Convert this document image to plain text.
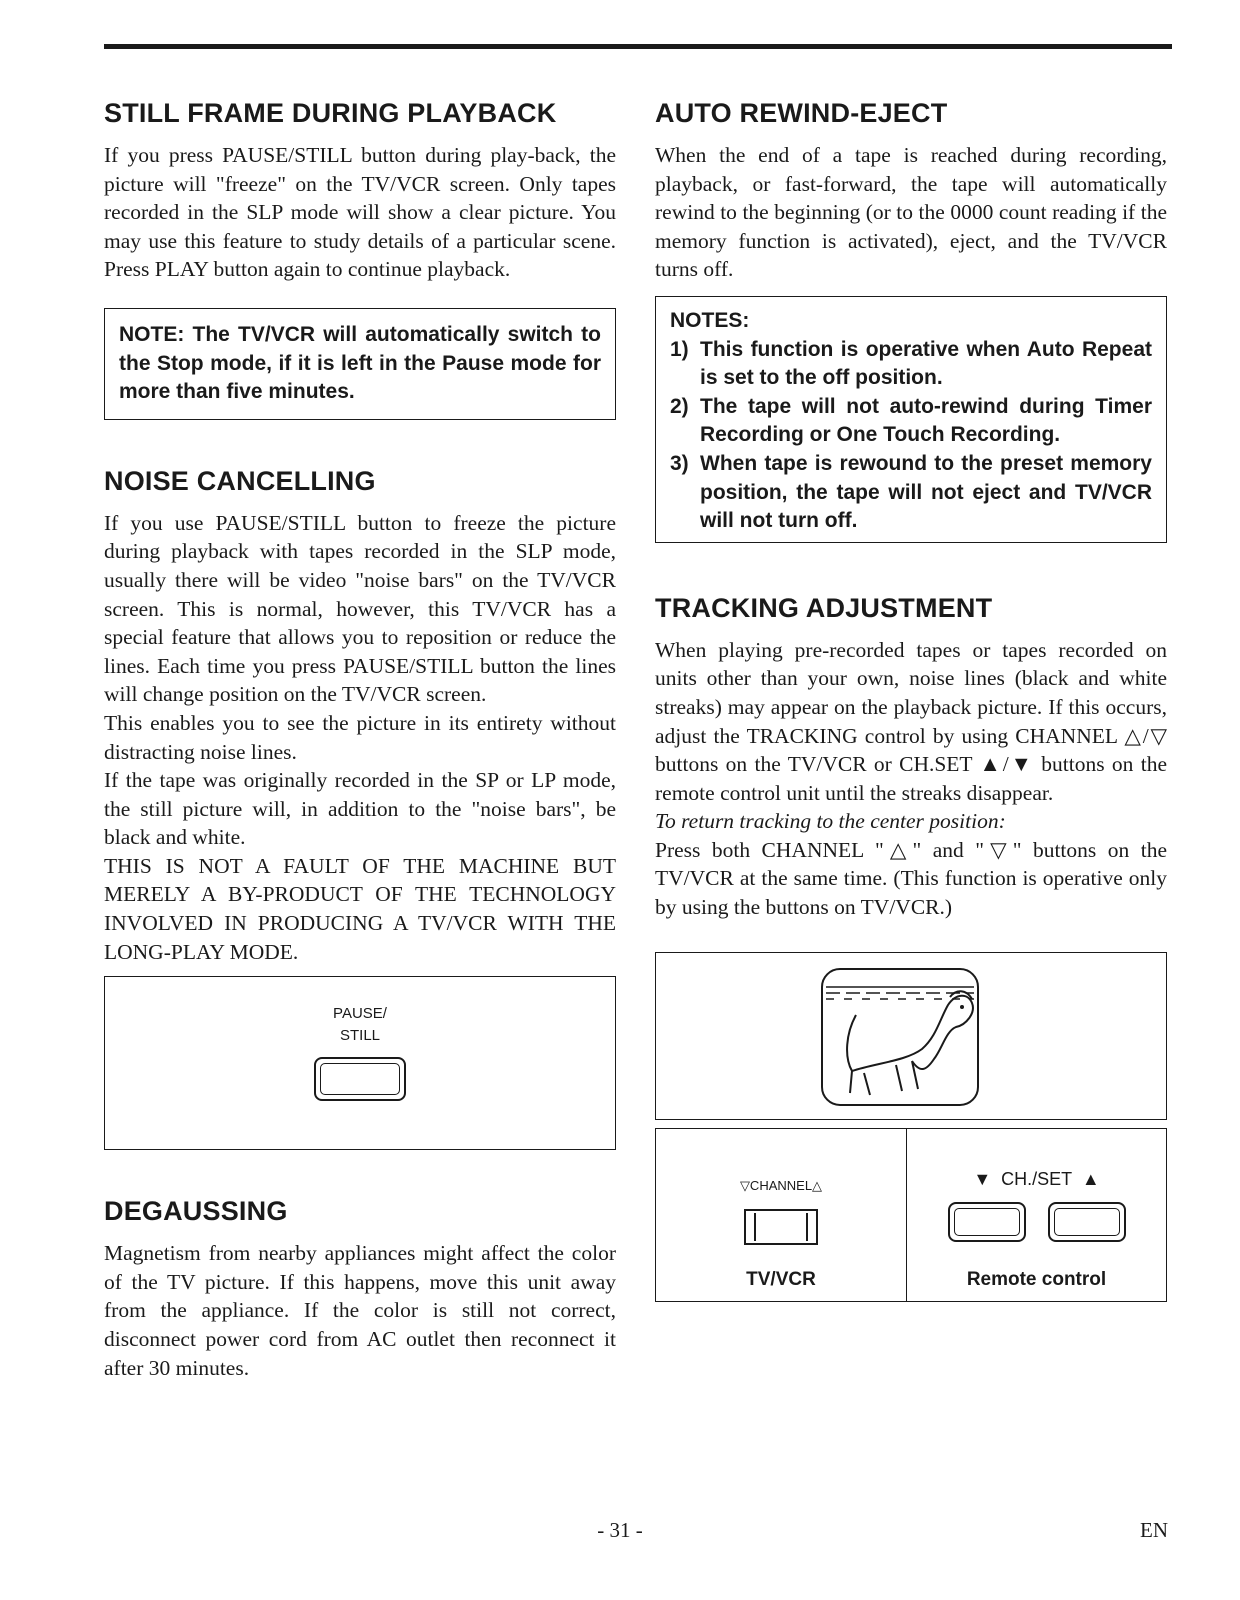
STILL FRAME DURING PLAYBACK

If you press PAUSE/STILL button during play-back, the picture will "freeze" on the TV/VCR screen. Only tapes recorded in the SLP mode will show a clear picture. You may use this feature to study details of a particular scene. Press PLAY button again to continue playback.

NOTE: The TV/VCR will automatically switch to the Stop mode, if it is left in the Pause mode for more than five minutes.
NOISE CANCELLING

If you use PAUSE/STILL button to freeze the picture during playback with tapes recorded in the SLP mode, usually there will be video "noise bars" on the TV/VCR screen. This is normal, however, this TV/VCR has a special feature that allows you to reposition or reduce the lines. Each time you press PAUSE/STILL button the lines will change position on the TV/VCR screen.

This enables you to see the picture in its entirety without distracting noise lines.

If the tape was originally recorded in the SP or LP mode, the still picture will, in addition to the "noise bars", be black and white.

THIS IS NOT A FAULT OF THE MACHINE BUT MERELY A BY-PRODUCT OF THE TECHNOLOGY INVOLVED IN PRODUCING A TV/VCR WITH THE LONG-PLAY MODE.

PAUSE/
STILL
DEGAUSSING

Magnetism from nearby appliances might affect the color of the TV picture. If this happens, move this unit away from the appliance. If the color is still not correct, disconnect power cord from AC outlet then reconnect it after 30 minutes.

AUTO REWIND-EJECT

When the end of a tape is reached during recording, playback, or fast-forward, the tape will automatically rewind to the beginning (or to the 0000 count reading if the memory function is activated), eject, and the TV/VCR turns off.

NOTES:
1) This function is operative when Auto Repeat is set to the off position.
2) The tape will not auto-rewind during Timer Recording or One Touch Recording.
3) When tape is rewound to the preset memory position, the tape will not eject and TV/VCR will not turn off.
TRACKING ADJUSTMENT

When playing pre-recorded tapes or tapes recorded on units other than your own, noise lines (black and white streaks) may appear on the playback picture. If this occurs, adjust the TRACKING control by using CHANNEL △/▽ buttons on the TV/VCR or CH.SET ▲/▼ buttons on the remote control unit until the streaks disappear.

To return tracking to the center position:

Press both CHANNEL "△" and "▽" buttons on the TV/VCR at the same time. (This function is operative only by using the buttons on TV/VCR.)

▽CHANNEL△
TV/VCR
▼  CH./SET  ▲
Remote control
- 31 -	EN
